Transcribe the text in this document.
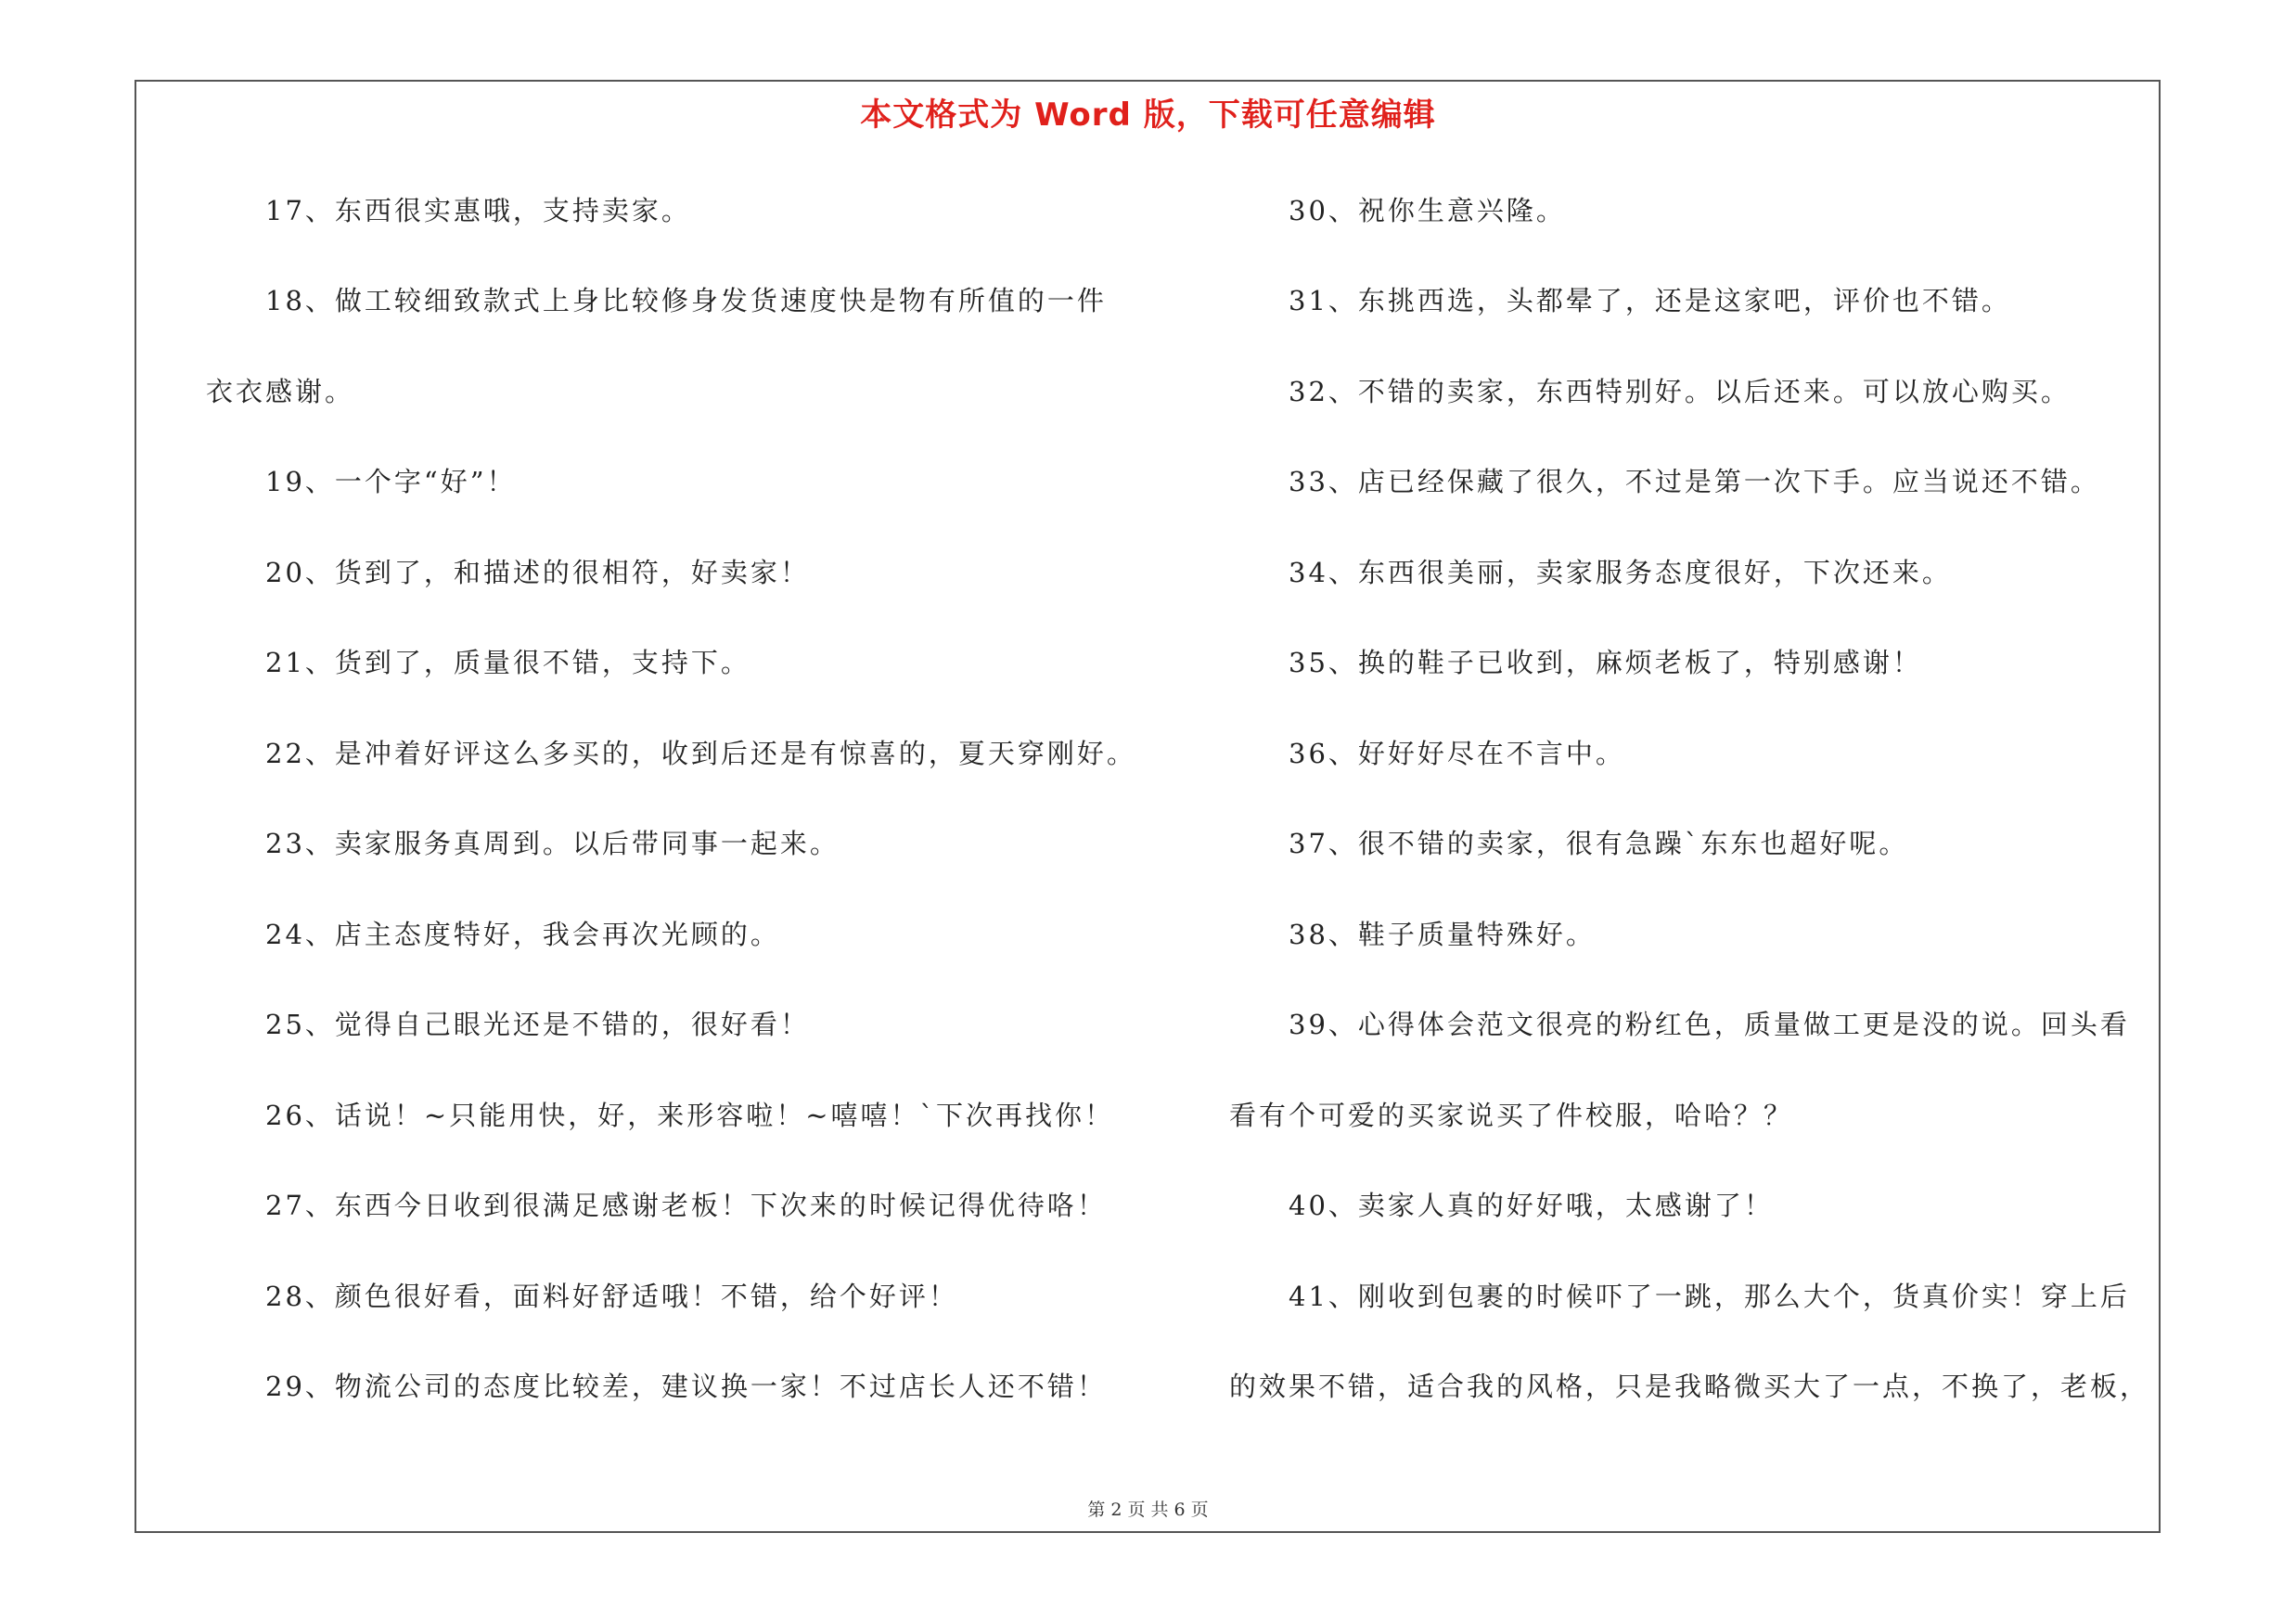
本文格式为 Word 版，下载可任意编辑
17、东西很实惠哦，支持卖家。
18、做工较细致款式上身比较修身发货速度快是物有所值的一件
衣衣感谢。
19、一个字“好”！
20、货到了，和描述的很相符，好卖家！
21、货到了，质量很不错，支持下。
22、是冲着好评这么多买的，收到后还是有惊喜的，夏天穿刚好。
23、卖家服务真周到。以后带同事一起来。
24、店主态度特好，我会再次光顾的。
25、觉得自己眼光还是不错的，很好看！
26、话说！~只能用快，好，来形容啦！~嘻嘻！`下次再找你！
27、东西今日收到很满足感谢老板！下次来的时候记得优待咯！
28、颜色很好看，面料好舒适哦！不错，给个好评！
29、物流公司的态度比较差，建议换一家！不过店长人还不错！
30、祝你生意兴隆。
31、东挑西选，头都晕了，还是这家吧，评价也不错。
32、不错的卖家，东西特别好。以后还来。可以放心购买。
33、店已经保藏了很久，不过是第一次下手。应当说还不错。
34、东西很美丽，卖家服务态度很好，下次还来。
35、换的鞋子已收到，麻烦老板了，特别感谢！
36、好好好尽在不言中。
37、很不错的卖家，很有急躁`东东也超好呢。
38、鞋子质量特殊好。
39、心得体会范文很亮的粉红色，质量做工更是没的说。回头看
看有个可爱的买家说买了件校服，哈哈？？
40、卖家人真的好好哦，太感谢了！
41、刚收到包裹的时候吓了一跳，那么大个，货真价实！穿上后
的效果不错，适合我的风格，只是我略微买大了一点，不换了，老板，
第 2 页 共 6 页
